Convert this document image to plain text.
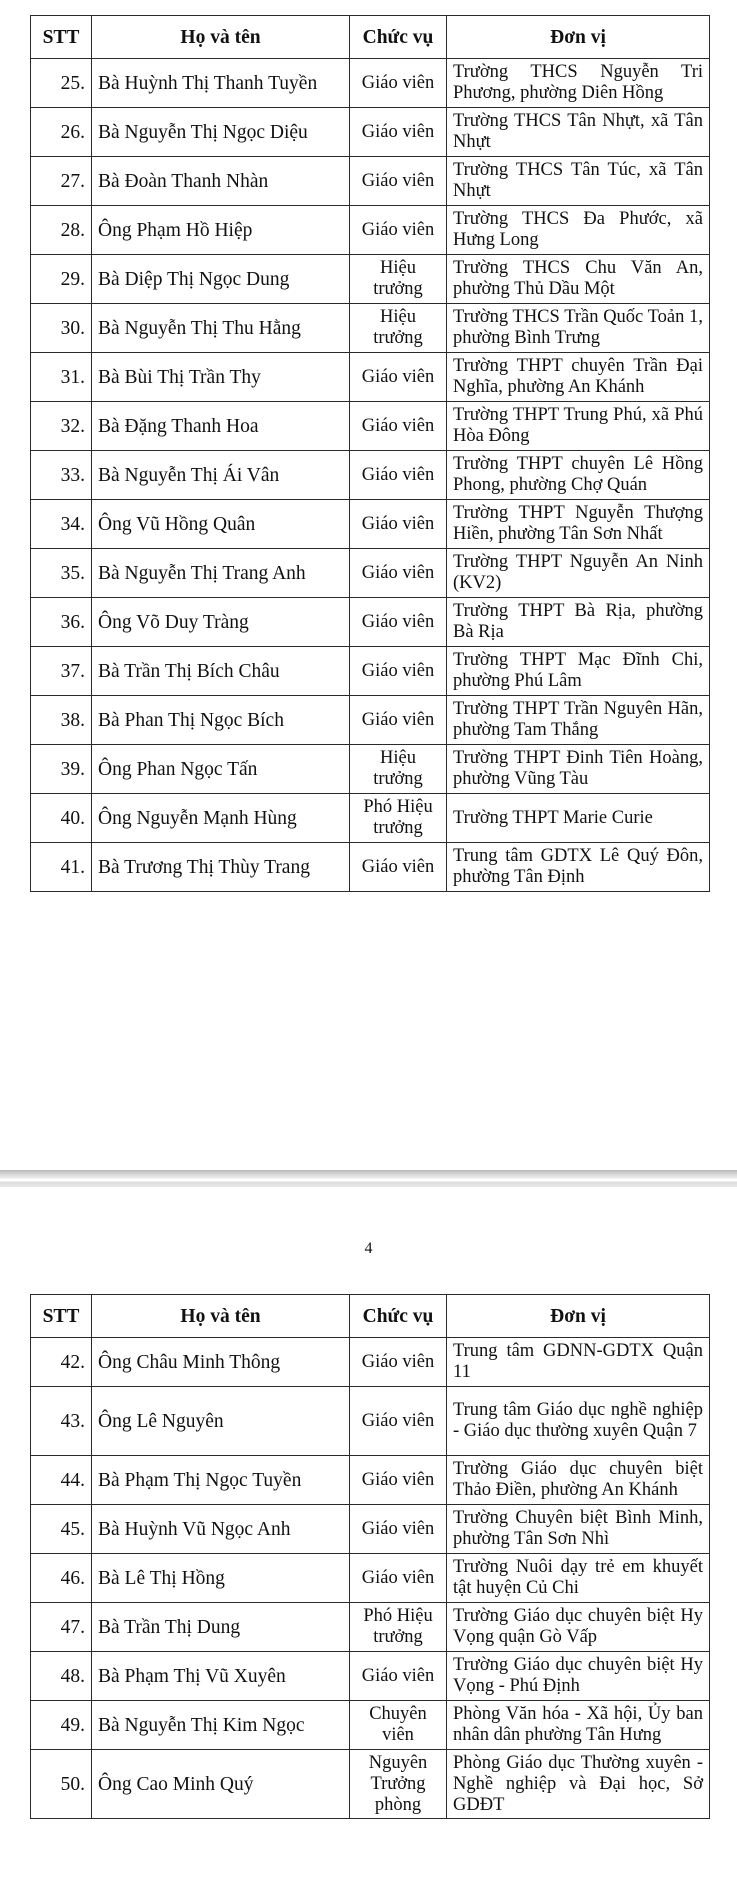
STT	Họ và tên	Chức vụ	Đơn vị
25.	Bà Huỳnh Thị Thanh Tuyền	Giáo viên	Trường THCS Nguyễn Tri Phương, phường Diên Hồng
26.	Bà Nguyễn Thị Ngọc Diệu	Giáo viên	Trường THCS Tân Nhựt, xã Tân Nhựt
27.	Bà Đoàn Thanh Nhàn	Giáo viên	Trường THCS Tân Túc, xã Tân Nhựt
28.	Ông Phạm Hồ Hiệp	Giáo viên	Trường THCS Đa Phước, xã Hưng Long
29.	Bà Diệp Thị Ngọc Dung	Hiệu trưởng	Trường THCS Chu Văn An, phường Thủ Dầu Một
30.	Bà Nguyễn Thị Thu Hằng	Hiệu trưởng	Trường THCS Trần Quốc Toản 1, phường Bình Trưng
31.	Bà Bùi Thị Trần Thy	Giáo viên	Trường THPT chuyên Trần Đại Nghĩa, phường An Khánh
32.	Bà Đặng Thanh Hoa	Giáo viên	Trường THPT Trung Phú, xã Phú Hòa Đông
33.	Bà Nguyễn Thị Ái Vân	Giáo viên	Trường THPT chuyên Lê Hồng Phong, phường Chợ Quán
34.	Ông Vũ Hồng Quân	Giáo viên	Trường THPT Nguyễn Thượng Hiền, phường Tân Sơn Nhất
35.	Bà Nguyễn Thị Trang Anh	Giáo viên	Trường THPT Nguyễn An Ninh (KV2)
36.	Ông Võ Duy Tràng	Giáo viên	Trường THPT Bà Rịa, phường Bà Rịa
37.	Bà Trần Thị Bích Châu	Giáo viên	Trường THPT Mạc Đĩnh Chi, phường Phú Lâm
38.	Bà Phan Thị Ngọc Bích	Giáo viên	Trường THPT Trần Nguyên Hãn, phường Tam Thắng
39.	Ông Phan Ngọc Tấn	Hiệu trưởng	Trường THPT Đinh Tiên Hoàng, phường Vũng Tàu
40.	Ông Nguyễn Mạnh Hùng	Phó Hiệu trưởng	Trường THPT Marie Curie
41.	Bà Trương Thị Thùy Trang	Giáo viên	Trung tâm GDTX Lê Quý Đôn, phường Tân Định
4
STT	Họ và tên	Chức vụ	Đơn vị
42.	Ông Châu Minh Thông	Giáo viên	Trung tâm GDNN-GDTX Quận 11
43.	Ông Lê Nguyên	Giáo viên	Trung tâm Giáo dục nghề nghiệp - Giáo dục thường xuyên Quận 7
44.	Bà Phạm Thị Ngọc Tuyền	Giáo viên	Trường Giáo dục chuyên biệt Thảo Điền, phường An Khánh
45.	Bà Huỳnh Vũ Ngọc Anh	Giáo viên	Trường Chuyên biệt Bình Minh, phường Tân Sơn Nhì
46.	Bà Lê Thị Hồng	Giáo viên	Trường Nuôi dạy trẻ em khuyết tật huyện Củ Chi
47.	Bà Trần Thị Dung	Phó Hiệu trưởng	Trường Giáo dục chuyên biệt Hy Vọng quận Gò Vấp
48.	Bà Phạm Thị Vũ Xuyên	Giáo viên	Trường Giáo dục chuyên biệt Hy Vọng - Phú Định
49.	Bà Nguyễn Thị Kim Ngọc	Chuyên viên	Phòng Văn hóa - Xã hội, Ủy ban nhân dân phường Tân Hưng
50.	Ông Cao Minh Quý	Nguyên Trưởng phòng	Phòng Giáo dục Thường xuyên - Nghề nghiệp và Đại học, Sở GDĐT
